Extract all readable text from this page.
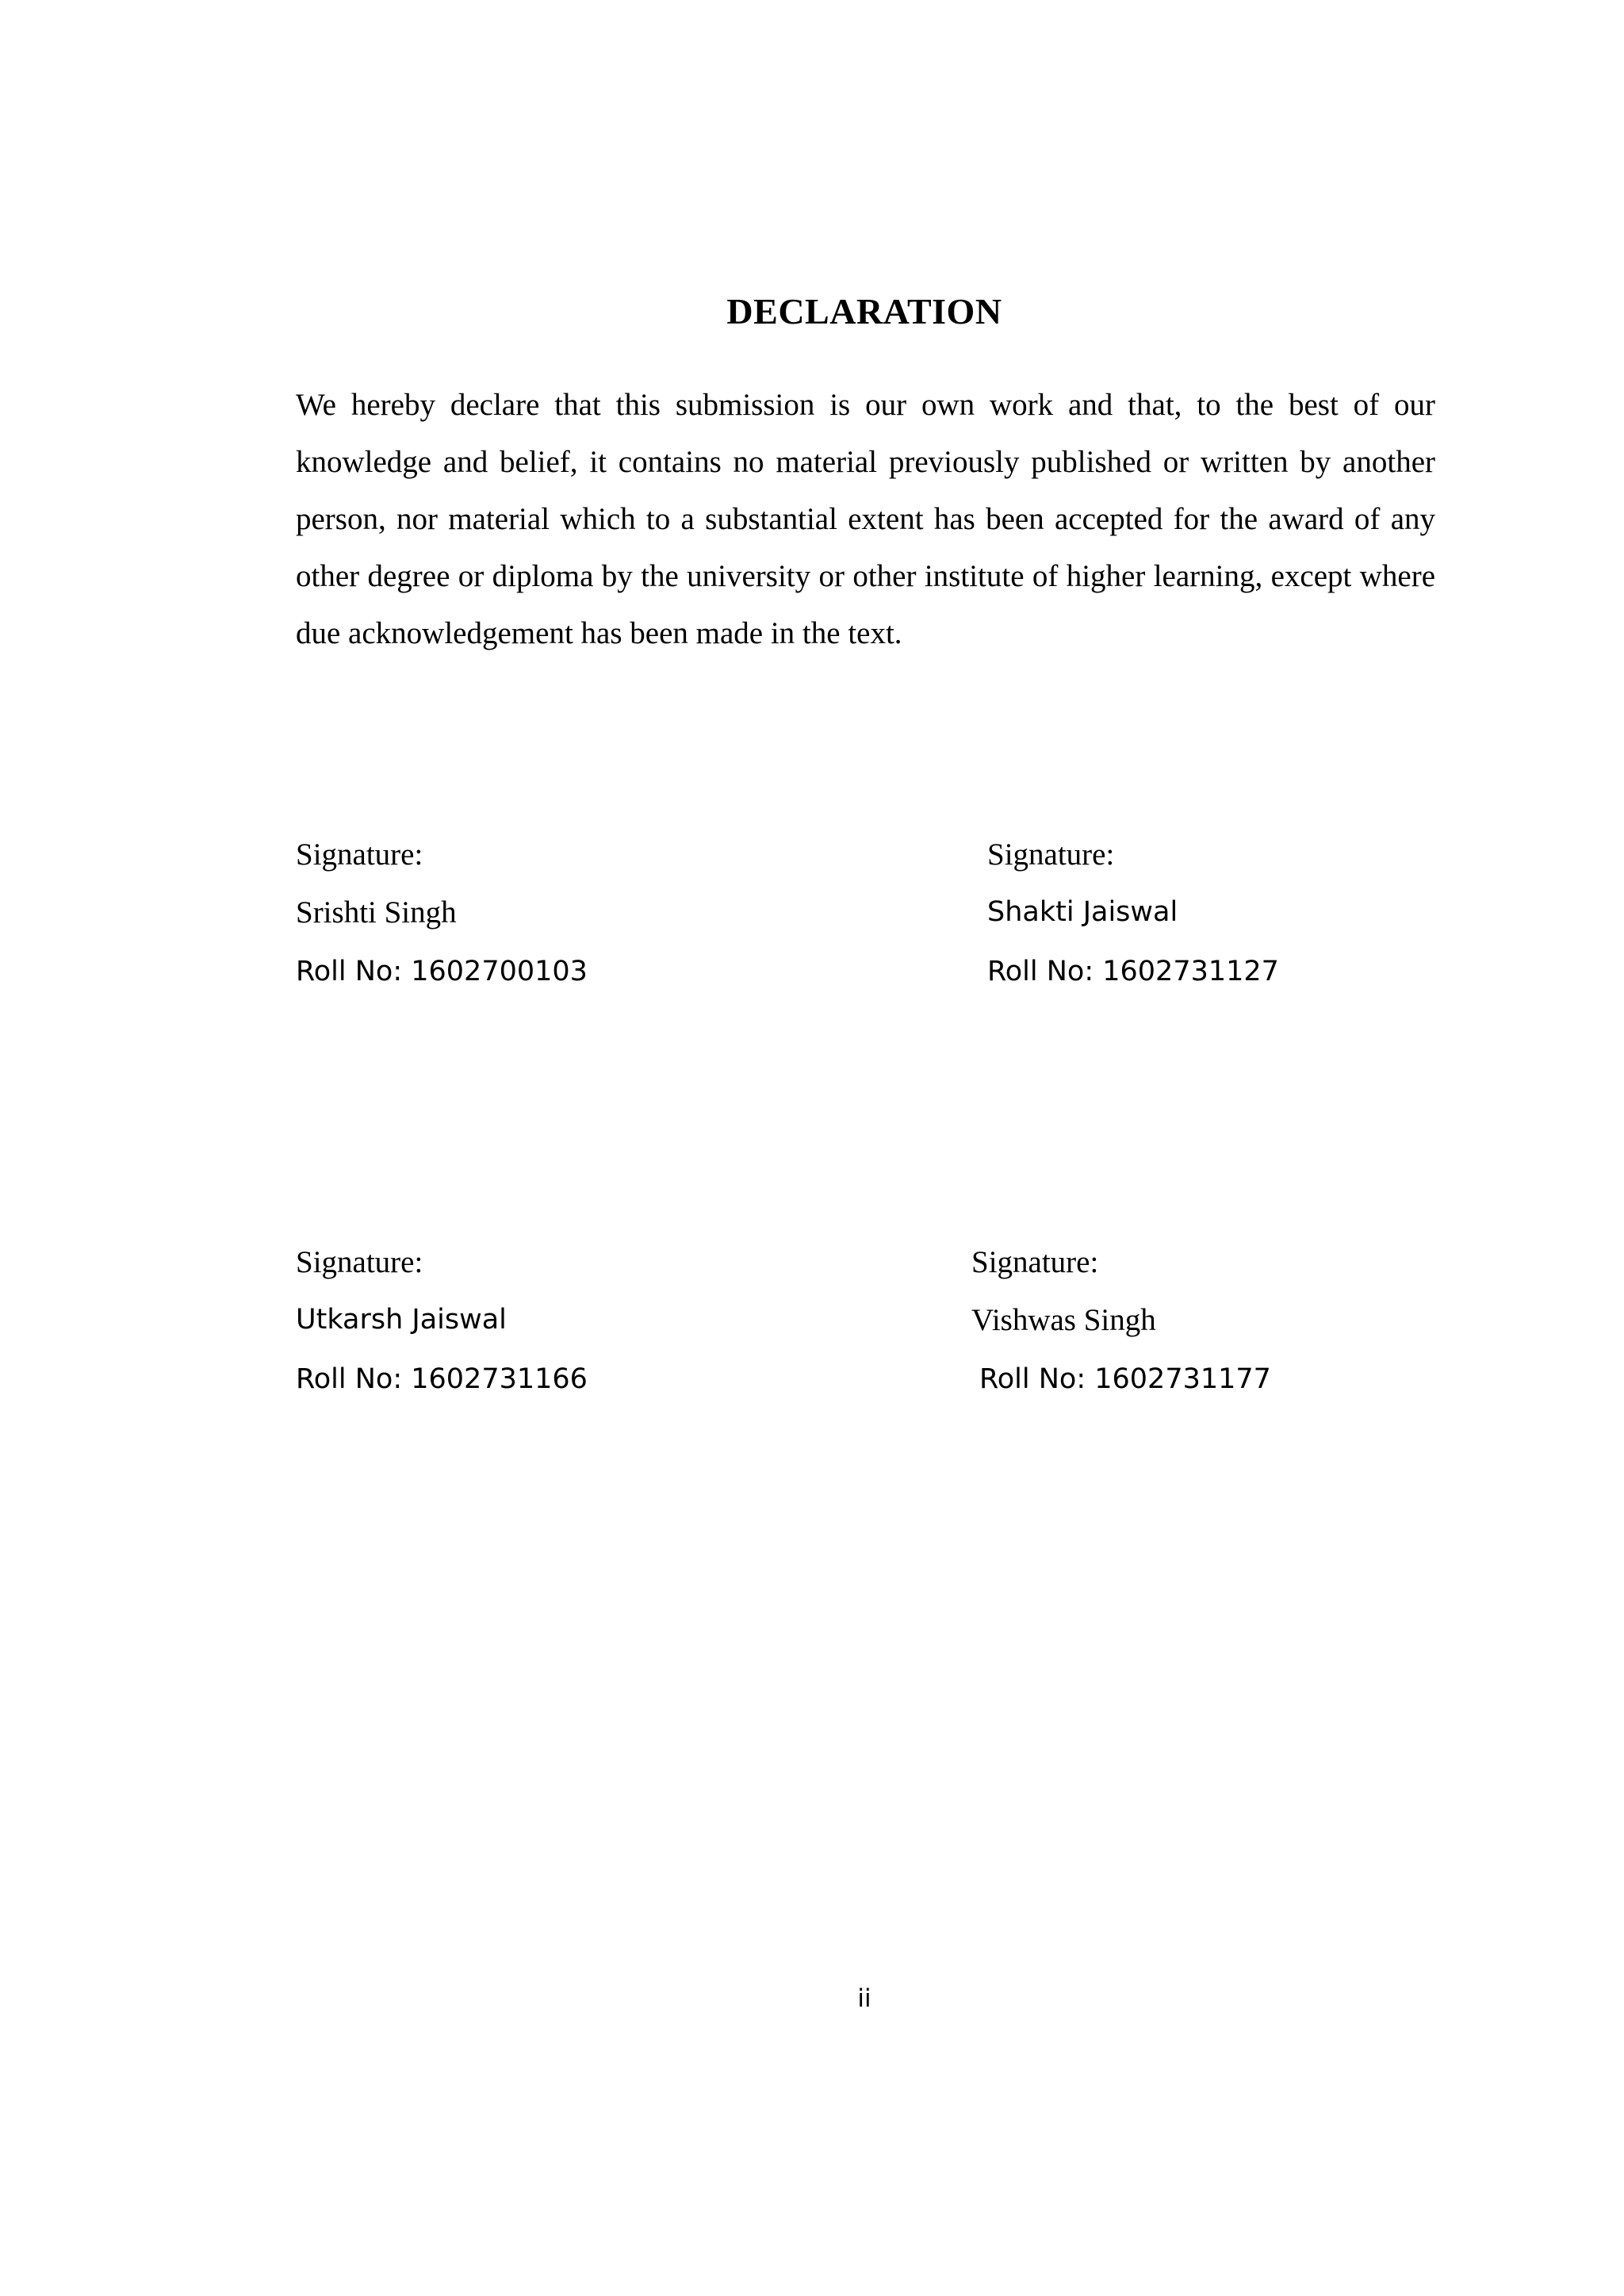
DECLARATION

We hereby declare that this submission is our own work and that, to the best of our knowledge and belief, it contains no material previously published or written by another person, nor material which to a substantial extent has been accepted for the award of any other degree or diploma by the university or other institute of higher learning, except where due acknowledgement has been made in the text.

Signature:
Srishti Singh
Roll No: 1602700103
Signature:
Shakti Jaiswal
Roll No: 1602731127
Signature:
Utkarsh Jaiswal
Roll No: 1602731166
Signature:
Vishwas Singh
Roll No: 1602731177
ii
